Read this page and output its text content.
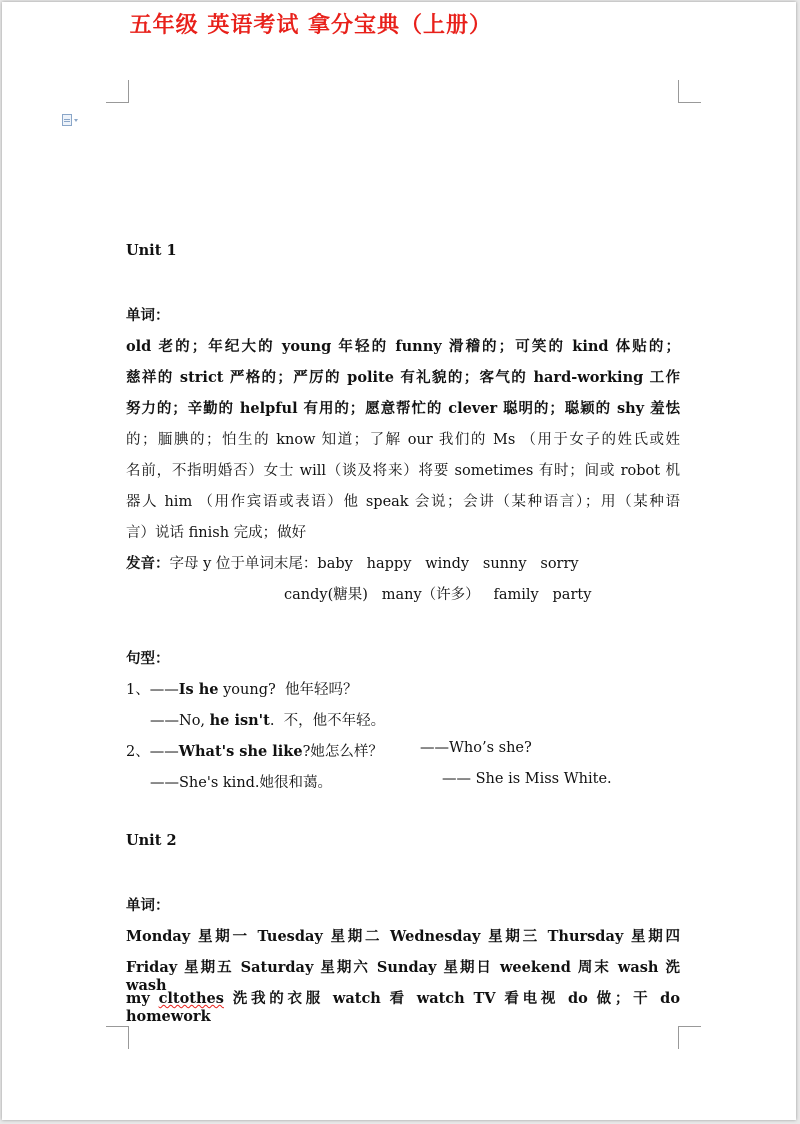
五年级 英语考试 拿分宝典（上册）
Unit 1
单词：
old 老的；年纪大的 young 年轻的 funny 滑稽的；可笑的 kind 体贴的；
慈祥的 strict 严格的；严厉的 polite 有礼貌的；客气的 hard-working 工作
努力的；辛勤的 helpful 有用的；愿意帮忙的 clever 聪明的；聪颖的 shy 羞怯
的；腼腆的；怕生的 know 知道；了解 our 我们的 Ms （用于女子的姓氏或姓
名前，不指明婚否）女士 will（谈及将来）将要 sometimes 有时；间或 robot 机
器人 him （用作宾语或表语）他 speak 会说；会讲（某种语言）；用（某种语
言）说话 finish 完成；做好
发音：字母 y 位于单词末尾：baby   happy   windy   sunny   sorry
candy(糖果)   many（许多）   family   party
句型：
1、——Is he young?  他年轻吗？
——No, he isn't.  不，他不年轻。
2、——What's she like?她怎么样？	——Who’s she?
——She's kind.她很和蔼。	—— She is Miss White.
Unit 2
单词：
Monday 星期一 Tuesday 星期二 Wednesday 星期三 Thursday 星期四
Friday 星期五 Saturday 星期六 Sunday 星期日 weekend 周末 wash 洗 wash
my cltothes 洗我的衣服 watch 看 watch TV 看电视 do 做；干 do homework
